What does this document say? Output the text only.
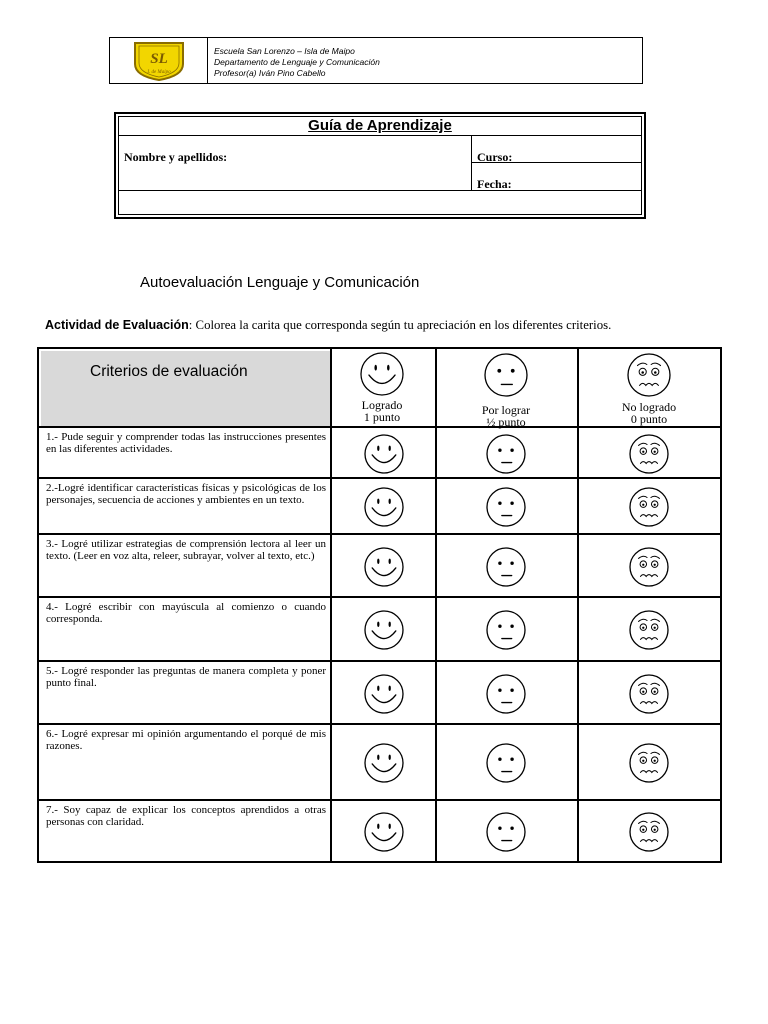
SL
I. de Maipo
Escuela San Lorenzo – Isla de Maipo
Departamento de Lenguaje y Comunicación
Profesor(a) Iván Pino Cabello
Guía de Aprendizaje
Nombre y apellidos:	Curso:
Fecha:
Autoevaluación Lenguaje y Comunicación
Actividad de Evaluación: Colorea la carita que corresponda según tu apreciación en los diferentes criterios.
Criterios de evaluación
Logrado
1 punto	Por lograr
½ punto
No logrado
0 punto
1.- Pude seguir y comprender todas las instrucciones presentes en las diferentes actividades.
2.-Logré identificar características físicas y psicológicas de los personajes, secuencia de acciones y ambientes en un texto.
3.- Logré utilizar estrategias de comprensión lectora al leer un texto. (Leer en voz alta, releer, subrayar, volver al texto, etc.)
4.- Logré escribir con mayúscula al comienzo o cuando corresponda.
5.- Logré responder las preguntas de manera completa y poner punto final.
6.- Logré expresar mi opinión argumentando el porqué de mis razones.
7.- Soy capaz de explicar los conceptos aprendidos a otras personas con claridad.
